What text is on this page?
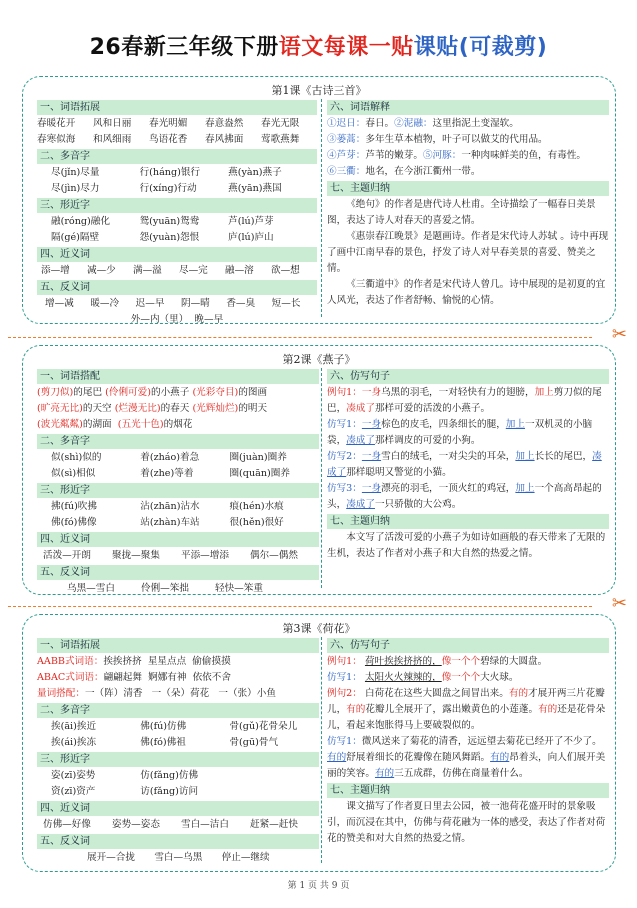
26春新三年级下册语文每课一贴课贴(可裁剪)
第1课《古诗三首》
一、词语拓展
春暖花开	风和日丽	春光明媚	春意盎然	春光无限
春寒似海	和风细雨	鸟语花香	春风拂面	莺歌燕舞
二、多音字
尽(jǐn)尽量	行(háng)银行	燕(yàn)燕子
尽(jìn)尽力	行(xíng)行动	燕(yān)燕国
三、形近字
融(róng)融化	鸳(yuān)鸳鸯	芦(lú)芦芽
隔(gé)隔壁	怨(yuàn)怨恨	庐(lú)庐山
四、近义词
添—增	减—少	满—溢	尽—完	融—溶	欲—想
五、反义词
增—减	暖—冷	迟—早	阴—晴	香—臭	短—长
外—内（里）  晚—早
六、词语解释
①迟日：春日。②泥融：这里指泥土变湿软。
③蒌蒿：多年生草本植物，叶子可以做艾的代用品。
④芦芽：芦苇的嫩芽。⑤河豚：一种肉味鲜美的鱼，有毒性。
⑥三衢：地名，在今浙江衢州一带。
七、主题归纳
《绝句》的作者是唐代诗人杜甫。全诗描绘了一幅春日美景图，表达了诗人对春天的喜爱之情。
《惠崇春江晚景》是题画诗。作者是宋代诗人苏轼 。诗中再现了画中江南早春的景色，抒发了诗人对早春美景的喜爱、赞美之情。
《三衢道中》的作者是宋代诗人曾几。诗中展现的是初夏的宜人风光，表达了作者舒畅、愉悦的心情。
✂
第2课《燕子》
一、词语搭配
(剪刀似)的尾巴 (伶俐可爱)的小燕子 (光彩夺目)的图画
(旷亮无比)的天空 (烂漫无比)的春天 (光辉灿烂)的明天
(波光粼粼)的湖面  (五光十色)的烟花
二、多音字
似(shì)似的	着(zháo)着急	圈(juàn)圈养
似(sì)相似	着(zhe)等着	圈(quān)圈养
三、形近字
拂(fú)吹拂	沾(zhān)沾水	痕(hén)水痕
佛(fó)佛像	站(zhàn)车站	很(hěn)很好
四、近义词
活泼—开朗	聚拢—聚集	平添—增添	偶尔—偶然
五、反义词
乌黑—雪白	伶俐—笨拙	轻快—笨重
六、仿写句子
例句1：一身乌黑的羽毛，一对轻快有力的翅膀，加上剪刀似的尾巴，凑成了那样可爱的活泼的小燕子。
仿写1：一身棕色的皮毛，四条细长的腿，加上一双机灵的小脑袋，凑成了那样调皮的可爱的小狗。
仿写2：一身雪白的绒毛，一对尖尖的耳朵，加上长长的尾巴，凑成了那样聪明又警觉的小猫。
仿写3：一身漂亮的羽毛，一顶火红的鸡冠，加上一个高高昂起的头，凑成了一只骄傲的大公鸡。
七、主题归纳
本文写了活泼可爱的小燕子为如诗如画般的春天带来了无限的生机，表达了作者对小燕子和大自然的热爱之情。
✂
第3课《荷花》
一、词语拓展
AABB式词语：挨挨挤挤  星星点点  偷偷摸摸
ABAC式词语：翩翩起舞  婀娜有神  依依不舍
量词搭配：一（阵）清香   一（朵）荷花   一（张）小鱼
二、多音字
挨(āi)挨近	佛(fú)仿佛	骨(gǔ)花骨朵儿
挨(ái)挨冻	佛(fó)佛祖	骨(gū)骨气
三、形近字
姿(zī)姿势	仿(fǎng)仿佛
资(zī)资产	访(fǎng)访问
四、近义词
仿佛—好像	姿势—姿态	雪白—洁白	赶紧—赶快
五、反义词
展开—合拢	雪白—乌黑	停止—继续
六、仿写句子
例句1： 荷叶挨挨挤挤的，像一个个碧绿的大圆盘。
仿写1： 太阳火火辣辣的，像一个个大火球。
例句2： 白荷花在这些大圆盘之间冒出来。有的才展开两三片花瓣儿，有的花瓣儿全展开了，露出嫩黄色的小莲蓬。有的还是花骨朵儿，看起来饱胀得马上要破裂似的。
仿写1：微风送来了菊花的清香，远远望去菊花已经开了不少了。有的舒展着细长的花瓣像在随风舞蹈。有的昂着头，向人们展开美丽的笑容。有的三五成群，仿佛在商量着什么。
七、主题归纳
课文描写了作者夏日里去公园，被一池荷花盛开时的景象吸引，而沉浸在其中，仿佛与荷花融为一体的感受，表达了作者对荷花的赞美和对大自然的热爱之情。
第 1 页 共 9 页
